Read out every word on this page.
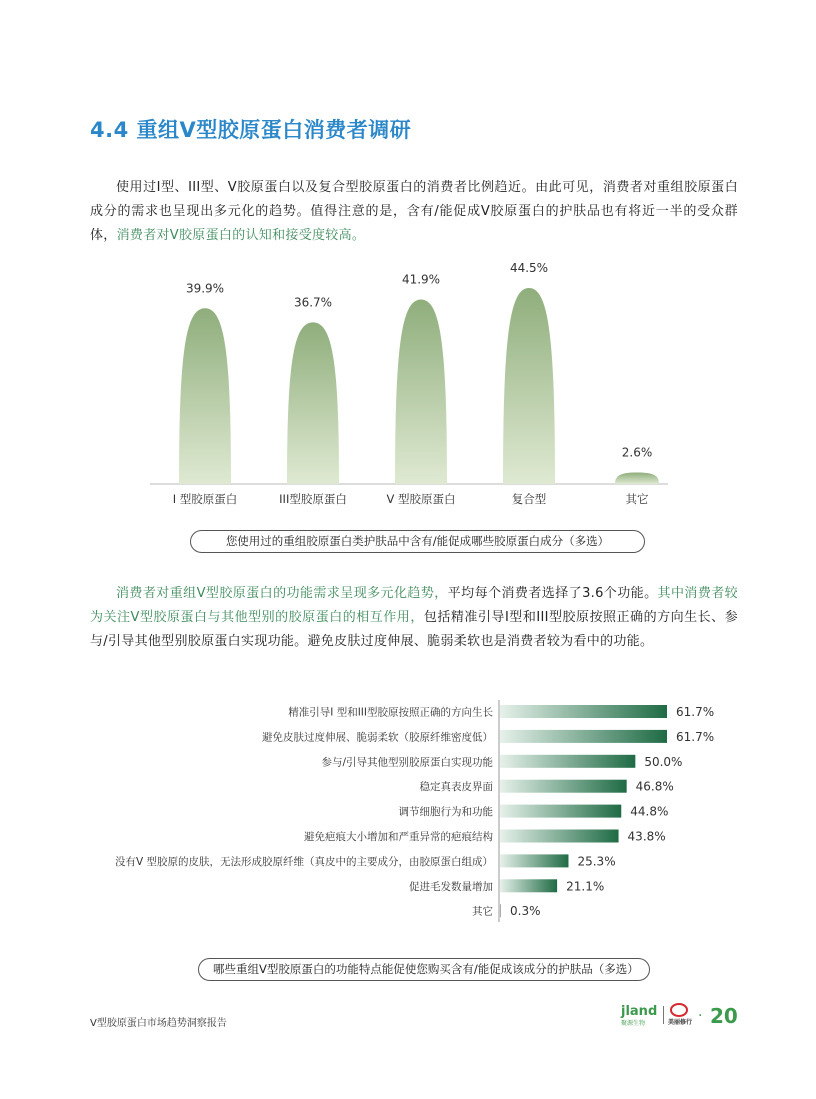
4.4 重组V型胶原蛋白消费者调研
使用过I型、III型、V胶原蛋白以及复合型胶原蛋白的消费者比例趋近。由此可见，消费者对重组胶原蛋白成分的需求也呈现出多元化的趋势。值得注意的是，含有/能促成V胶原蛋白的护肤品也有将近一半的受众群体，消费者对V胶原蛋白的认知和接受度较高。
39.9%
I 型胶原蛋白
36.7%
III型胶原蛋白
41.9%
V 型胶原蛋白
44.5%
复合型
2.6%
其它
您使用过的重组胶原蛋白类护肤品中含有/能促成哪些胶原蛋白成分（多选）
消费者对重组V型胶原蛋白的功能需求呈现多元化趋势，平均每个消费者选择了3.6个功能。其中消费者较为关注V型胶原蛋白与其他型别的胶原蛋白的相互作用，包括精准引导I型和III型胶原按照正确的方向生长、参与/引导其他型别胶原蛋白实现功能。避免皮肤过度伸展、脆弱柔软也是消费者较为看中的功能。
精准引导I 型和III型胶原按照正确的方向生长	61.7%
避免皮肤过度伸展、脆弱柔软（胶原纤维密度低）	61.7%
参与/引导其他型别胶原蛋白实现功能	50.0%
稳定真表皮界面	46.8%
调节细胞行为和功能	44.8%
避免疤痕大小增加和严重异常的疤痕结构	43.8%
没有V 型胶原的皮肤，无法形成胶原纤维（真皮中的主要成分，由胶原蛋白组成）	25.3%
促进毛发数量增加	21.1%
其它 0.3%
哪些重组V型胶原蛋白的功能特点能促使您购买含有/能促成该成分的护肤品（多选）
V型胶原蛋白市场趋势洞察报告
jland
聚源生物	美丽修行 · 20
